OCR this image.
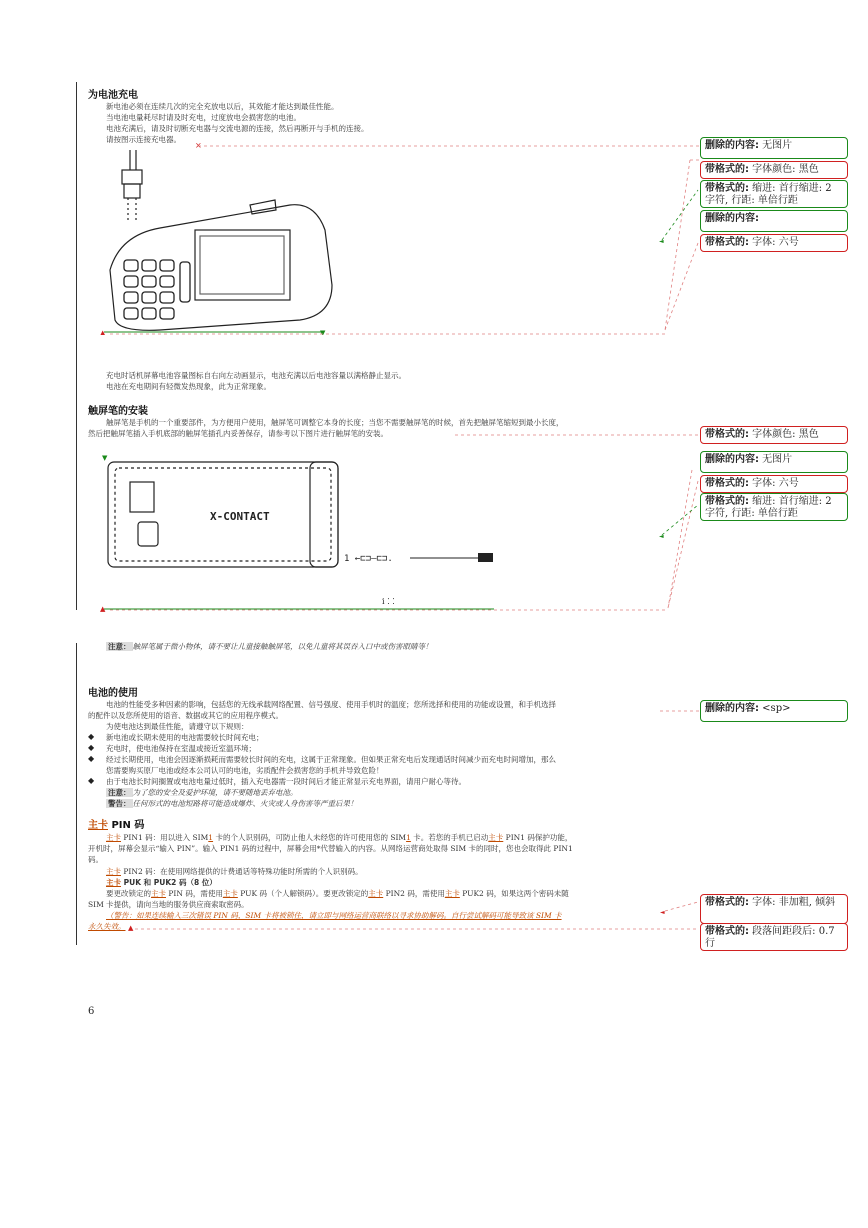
为电池充电
新电池必须在连续几次的完全充放电以后，其效能才能达到最佳性能。
当电池电量耗尽时请及时充电，过度放电会损害您的电池。
电池充满后，请及时切断充电器与交流电源的连接，然后再断开与手机的连接。
请按图示连接充电器。
×
▲	▼
充电时话机屏幕电池容量图标自右向左动画显示，电池充满以后电池容量以满格静止显示。
电池在充电期间有轻微发热现象，此为正常现象。
触屏笔的安装
触屏笔是手机的一个重要部件，为方便用户使用，触屏笔可调整它本身的长度；当您不需要触屏笔的时候，首先把触屏笔缩短到最小长度，
然后把触屏笔插入手机底部的触屏笔插孔内妥善保存，请参考以下图片进行触屏笔的安装。
▼
X-CONTACT
1 ←⊏⊐–⊏⊐.
ⅰ ⁚ ⁚
▲
注意： 触屏笔属于微小物体，请不要让儿童接触触屏笔，以免儿童将其误吞入口中或伤害眼睛等！
电池的使用
电池的性能受多种因素的影响，包括您的无线承载网络配置、信号强度、使用手机时的温度；您所选择和使用的功能或设置，和手机选择
的配件以及您所使用的语音、数据或其它的应用程序模式。
为使电池达到最佳性能，请遵守以下规则：
◆ 新电池或长期未使用的电池需要较长时间充电；
◆ 充电时，使电池保持在室温或接近室温环境；
◆ 经过长期使用，电池会因逐渐损耗而需要较长时间的充电，这属于正常现象。但如果正常充电后发现通话时间减少而充电时间增加，那么
您需要购买原厂电池或经本公司认可的电池，劣质配件会损害您的手机并导致危险！
◆ 由于电池长时间搁置或电池电量过低时，插入充电器需一段时间后才能正常显示充电界面，请用户耐心等待。
注意： 为了您的安全及爱护环境，请不要随地丢弃电池。
警告： 任何形式的电池短路将可能造成爆炸、火灾或人身伤害等严重后果！
主卡 PIN 码
主卡 PIN1 码：用以进入 SIM1 卡的个人识别码，可防止他人未经您的许可使用您的 SIM1 卡。若您的手机已启动主卡 PIN1 码保护功能，
开机时，屏幕会显示“输入 PIN”。输入 PIN1 码的过程中，屏幕会用*代替输入的内容。从网络运营商处取得 SIM 卡的同时，您也会取得此 PIN1
码。
主卡 PIN2 码：在使用网络提供的计费通话等特殊功能时所需的个人识别码。
主卡 PUK 和 PUK2 码（8 位）
要更改锁定的主卡 PIN 码，需使用主卡 PUK 码（个人解锁码）。要更改锁定的主卡 PIN2 码，需使用主卡 PUK2 码，如果这两个密码未随
SIM 卡提供，请向当地的服务供应商索取密码。
（警告：如果连续输入三次错误 PIN 码，SIM 卡将被锁住，请立即与网络运营商联络以寻求协助解码。自行尝试解码可能导致该 SIM 卡
永久失效。 ▲
◄
◄
◄
删除的内容: 无图片
带格式的: 字体颜色: 黑色
带格式的: 缩进: 首行缩进: 2 字符, 行距: 单倍行距
删除的内容:
带格式的: 字体: 六号
带格式的: 字体颜色: 黑色
删除的内容: 无图片
带格式的: 字体: 六号
带格式的: 缩进: 首行缩进: 2 字符, 行距: 单倍行距
删除的内容: <sp>
带格式的: 字体: 非加粗, 倾斜
带格式的: 段落间距段后: 0.7 行
6
